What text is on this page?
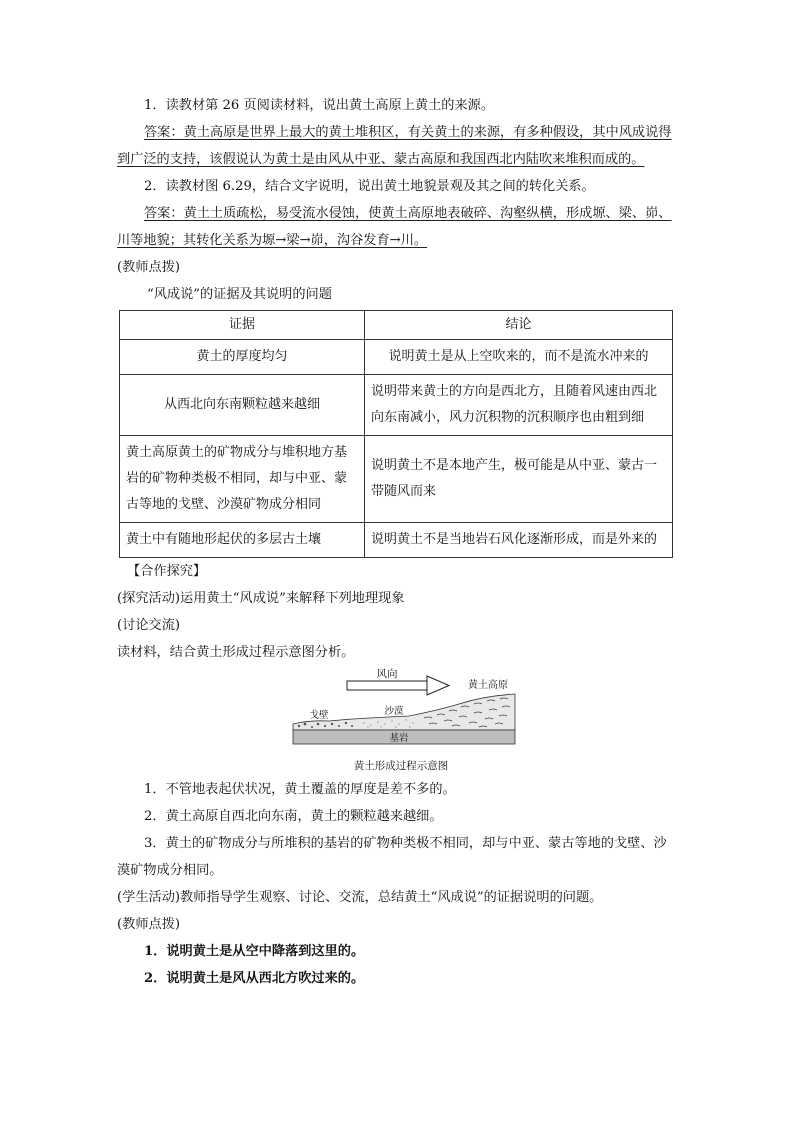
1．读教材第 26 页阅读材料，说出黄土高原上黄土的来源。

答案：黄土高原是世界上最大的黄土堆积区，有关黄土的来源，有多种假设，其中风成说得到广泛的支持，该假说认为黄土是由风从中亚、蒙古高原和我国西北内陆吹来堆积而成的。

2．读教材图 6.29，结合文字说明，说出黄土地貌景观及其之间的转化关系。

答案：黄土土质疏松，易受流水侵蚀，使黄土高原地表破碎、沟壑纵横，形成塬、梁、峁、川等地貌；其转化关系为塬→梁→峁，沟谷发育→川。

(教师点拨)

“风成说”的证据及其说明的问题

证据	结论
黄土的厚度均匀	说明黄土是从上空吹来的，而不是流水冲来的
从西北向东南颗粒越来越细	说明带来黄土的方向是西北方，且随着风速由西北向东南减小，风力沉积物的沉积顺序也由粗到细
黄土高原黄土的矿物成分与堆积地方基岩的矿物种类极不相同，却与中亚、蒙古等地的戈壁、沙漠矿物成分相同	说明黄土不是本地产生，极可能是从中亚、蒙古一带随风而来
黄土中有随地形起伏的多层古土壤	说明黄土不是当地岩石风化逐渐形成，而是外来的

【合作探究】

(探究活动)运用黄土“风成说”来解释下列地理现象

(讨论交流)

读材料，结合黄土形成过程示意图分析。

风向
黄土高原
戈壁	沙漠
基岩
黄土形成过程示意图

1．不管地表起伏状况，黄土覆盖的厚度是差不多的。

2．黄土高原自西北向东南，黄土的颗粒越来越细。

3．黄土的矿物成分与所堆积的基岩的矿物种类极不相同，却与中亚、蒙古等地的戈壁、沙漠矿物成分相同。

(学生活动)教师指导学生观察、讨论、交流，总结黄土“风成说”的证据说明的问题。

(教师点拨)

1．说明黄土是从空中降落到这里的。

2．说明黄土是风从西北方吹过来的。
